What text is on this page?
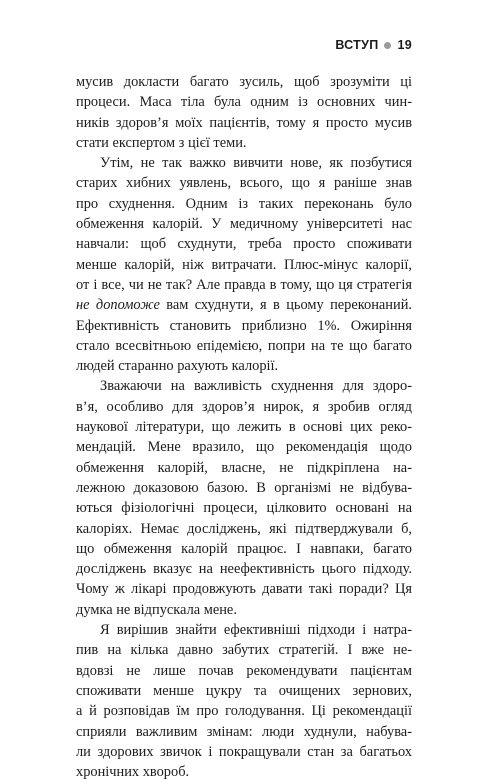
ВСТУП 19

мусив докласти багато зусиль, щоб зрозуміти ці
процеси. Маса тіла була одним із основних чин-
ників здоров’я моїх пацієнтів, тому я просто мусив
стати експертом з цієї теми.

Утім, не так важко вивчити нове, як позбутися
старих хибних уявлень, всього, що я раніше знав
про схуднення. Одним із таких переконань було
обмеження калорій. У медичному університеті нас
навчали: щоб схуднути, треба просто споживати
менше калорій, ніж витрачати. Плюс-мінус калорії,
от і все, чи не так? Але правда в тому, що ця стратегія
не допоможе вам схуднути, я в цьому переконаний.
Ефективність становить приблизно 1%. Ожиріння
стало всесвітньою епідемією, попри на те що багато
людей старанно рахують калорії.

Зважаючи на важливість схуднення для здоро-
в’я, особливо для здоров’я нирок, я зробив огляд
наукової літератури, що лежить в основі цих реко-
мендацій. Мене вразило, що рекомендація щодо
обмеження калорій, власне, не підкріплена на-
лежною доказовою базою. В організмі не відбува-
ються фізіологічні процеси, цілковито основані на
калоріях. Немає досліджень, які підтверджували б,
що обмеження калорій працює. І навпаки, багато
досліджень вказує на неефективність цього підходу.
Чому ж лікарі продовжують давати такі поради? Ця
думка не відпускала мене.

Я вирішив знайти ефективніші підходи і натра-
пив на кілька давно забутих стратегій. І вже не-
вдовзі не лише почав рекомендувати пацієнтам
споживати менше цукру та очищених зернових,
а й розповідав їм про голодування. Ці рекомендації
сприяли важливим змінам: люди худнули, набува-
ли здорових звичок і покращували стан за багатьох
хронічних хвороб.
